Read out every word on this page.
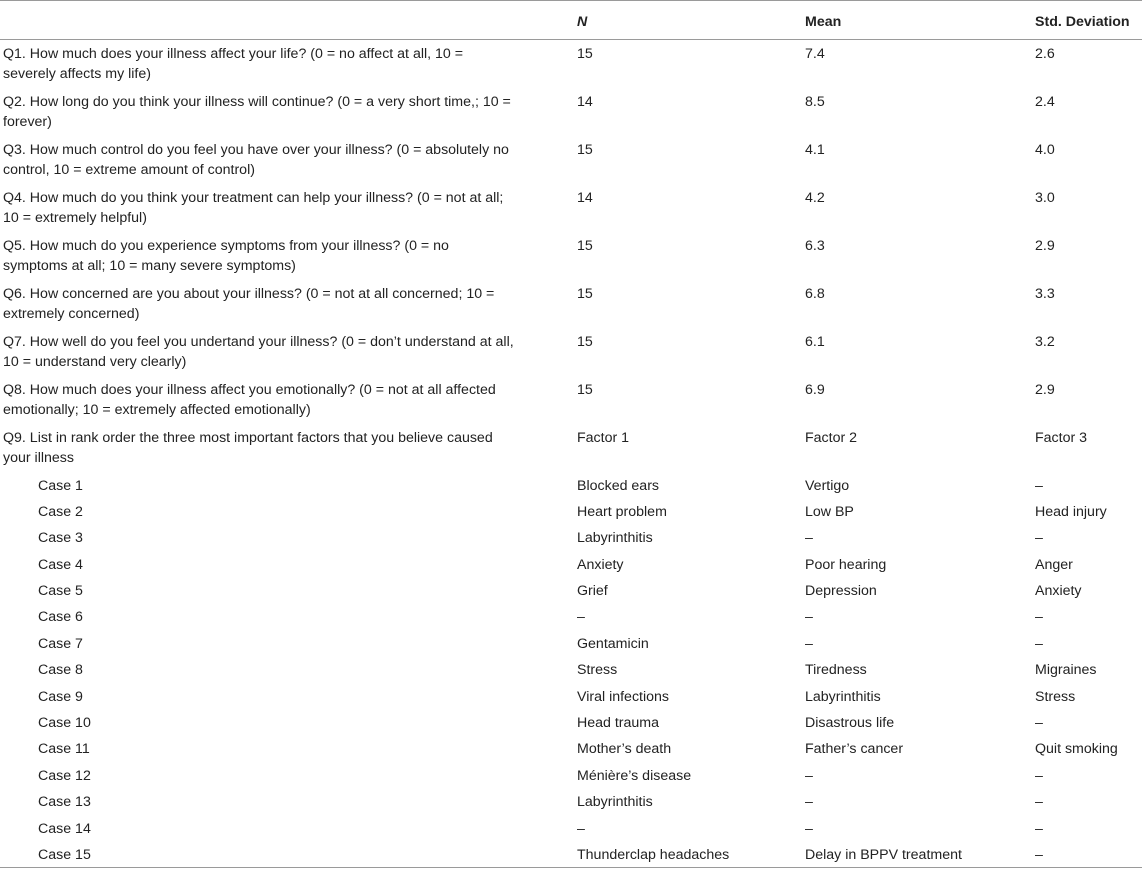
	N	Mean	Std. Deviation
Q1. How much does your illness affect your life? (0 = no affect at all, 10 = severely affects my life)	15	7.4	2.6
Q2. How long do you think your illness will continue? (0 = a very short time,; 10 = forever)	14	8.5	2.4
Q3. How much control do you feel you have over your illness? (0 = absolutely no control, 10 = extreme amount of control)	15	4.1	4.0
Q4. How much do you think your treatment can help your illness? (0 = not at all; 10 = extremely helpful)	14	4.2	3.0
Q5. How much do you experience symptoms from your illness? (0 = no symptoms at all; 10 = many severe symptoms)	15	6.3	2.9
Q6. How concerned are you about your illness? (0 = not at all concerned; 10 = extremely concerned)	15	6.8	3.3
Q7. How well do you feel you undertand your illness? (0 = don’t understand at all, 10 = understand very clearly)	15	6.1	3.2
Q8. How much does your illness affect you emotionally? (0 = not at all affected emotionally; 10 = extremely affected emotionally)	15	6.9	2.9
Q9. List in rank order the three most important factors that you believe caused your illness	Factor 1	Factor 2	Factor 3
Case 1	Blocked ears	Vertigo	–
Case 2	Heart problem	Low BP	Head injury
Case 3	Labyrinthitis	–	–
Case 4	Anxiety	Poor hearing	Anger
Case 5	Grief	Depression	Anxiety
Case 6	–	–	–
Case 7	Gentamicin	–	–
Case 8	Stress	Tiredness	Migraines
Case 9	Viral infections	Labyrinthitis	Stress
Case 10	Head trauma	Disastrous life	–
Case 11	Mother’s death	Father’s cancer	Quit smoking
Case 12	Ménière’s disease	–	–
Case 13	Labyrinthitis	–	–
Case 14	–	–	–
Case 15	Thunderclap headaches	Delay in BPPV treatment	–
